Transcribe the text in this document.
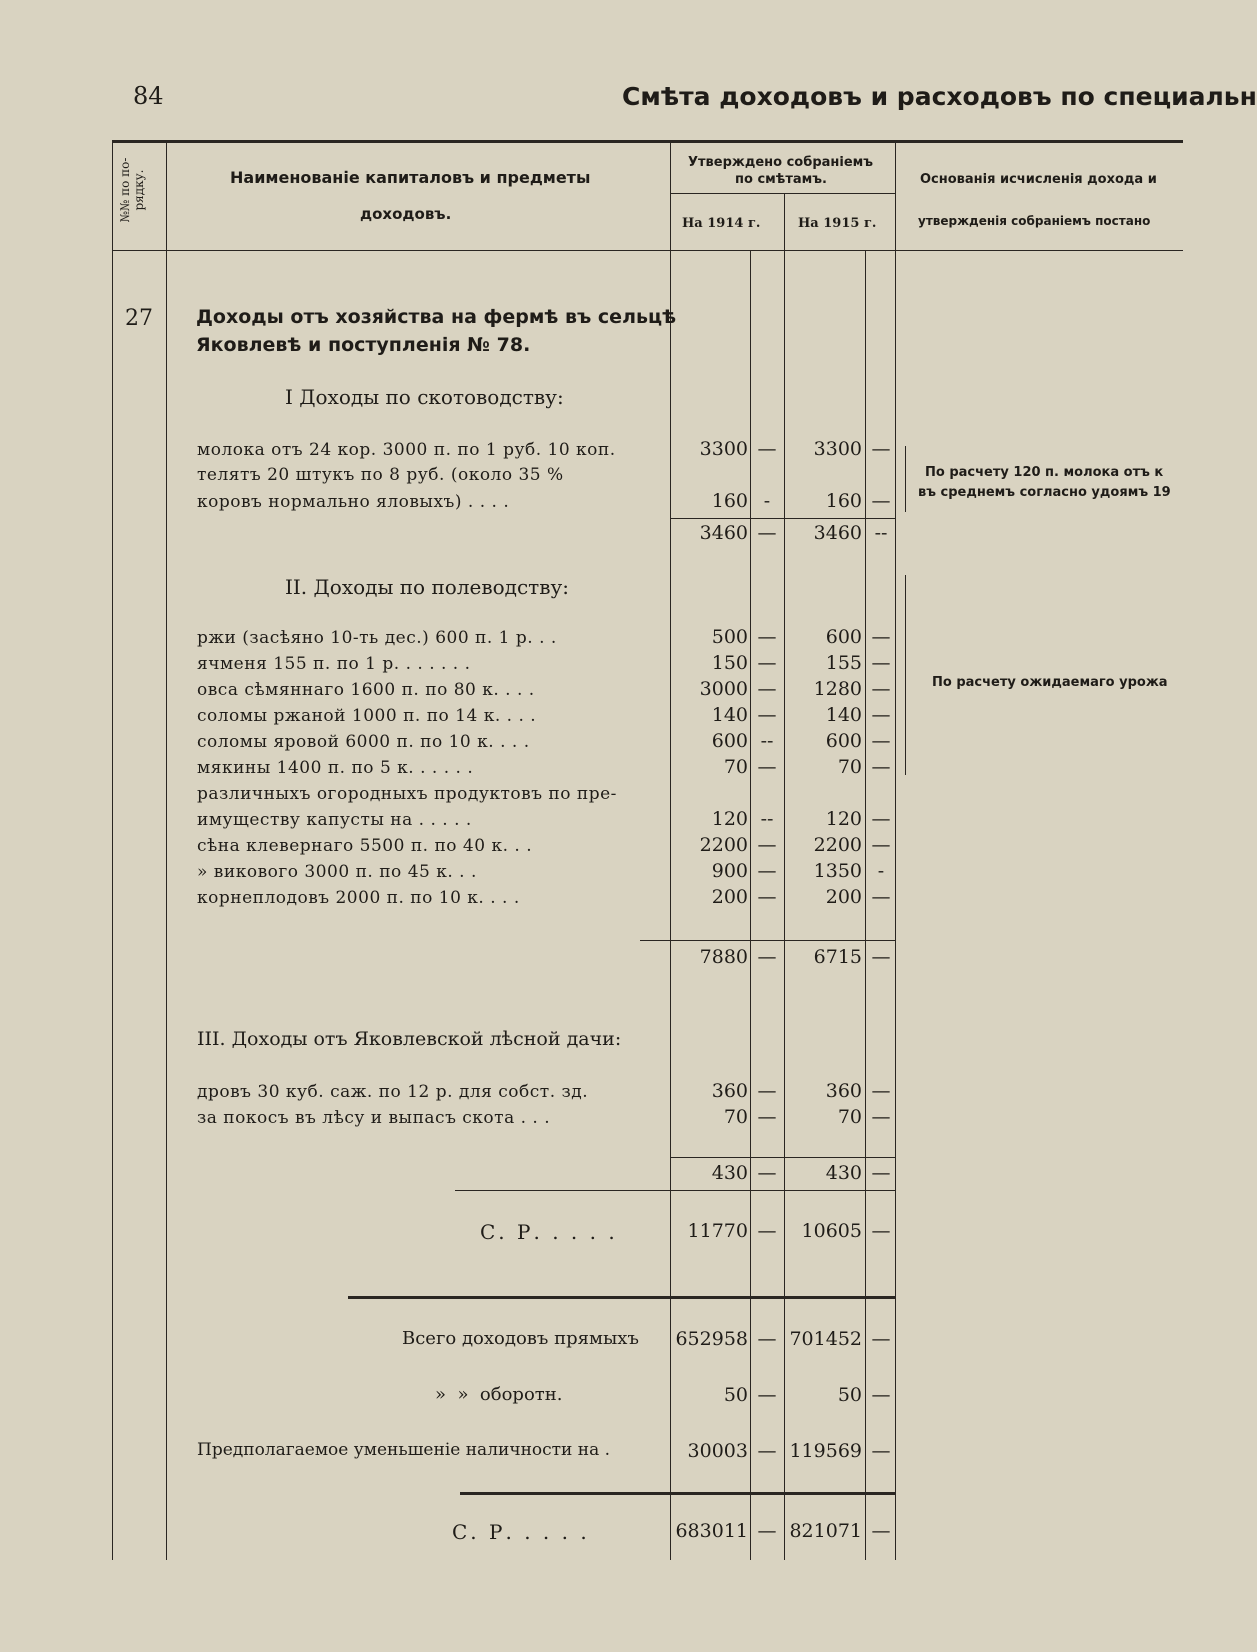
84	Смѣта доходовъ и расходовъ по специальн
№№ по по-
рядку.	Наименованіе капиталовъ и предметы
доходовъ.
Утверждено собраніемъ
по смѣтамъ.
На 1914 г.	На 1915 г.
Основанія исчисленія дохода и
утвержденія собраніемъ постано
27 Доходы отъ хозяйства на фермѣ въ сельцѣ
Яковлевѣ и поступленія № 78.
I Доходы по скотоводству:
молока отъ 24 кор. 3000 п. по 1 руб. 10 коп.	3300 —	3300 —
телятъ 20 штукъ по 8 руб. (около 35 %
коровъ нормально яловыхъ) . . . .	160 -	160 —
3460 —	3460 --
По расчету 120 п. молока отъ к
въ среднемъ согласно удоямъ 19
II. Доходы по полеводству:
ржи (засѣяно 10-ть дес.) 600 п. 1 р. . .	500 —	600 —
ячменя 155 п. по 1 р. . . . . . .	150 —	155 —
овса сѣмяннаго 1600 п. по 80 к. . . .	3000 —	1280 —
соломы ржаной 1000 п. по 14 к. . . .	140 —	140 —
соломы яровой 6000 п. по 10 к. . . .	600 --	600 —
мякины 1400 п. по 5 к. . . . . .	70 —	70 —
различныхъ огородныхъ продуктовъ по пре-
имуществу капусты на . . . . .	120 --	120 —
сѣна клевернаго 5500 п. по 40 к. . .	2200 —	2200 —
» викового 3000 п. по 45 к. . .	900 —	1350 -
корнеплодовъ 2000 п. по 10 к. . . .	200 —	200 —
7880 —	6715 —
По расчету ожидаемаго урожа
III. Доходы отъ Яковлевской лѣсной дачи:
дровъ 30 куб. саж. по 12 р. для собст. зд.	360 —	360 —
за покосъ въ лѣсу и выпасъ скота . . .	70 —	70 —
430 —	430 —
С. Р. . . . .	11770 —	10605 —
Всего доходовъ прямыхъ 652958 — 701452 —
»  »  оборотн.	50 —	50 —
Предполагаемое уменьшеніе наличности на .	30003 — 119569 —
С. Р. . . . .	683011 — 821071 —
